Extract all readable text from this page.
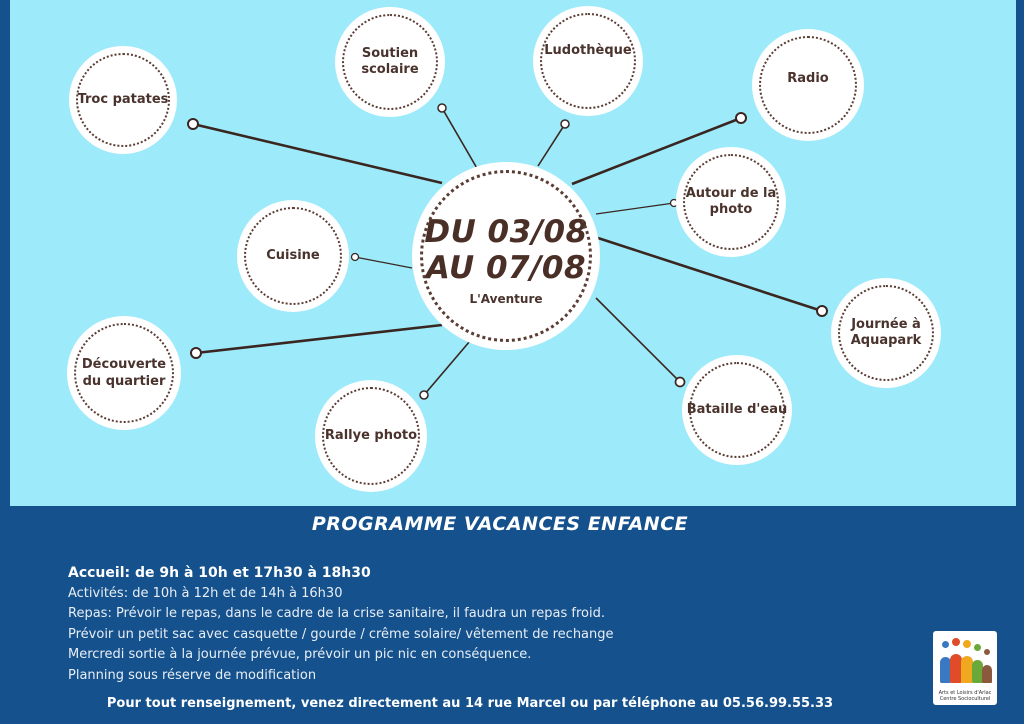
Troc patates
Soutien
scolaire
Ludothèque
Radio
Autour de la
photo
Cuisine
Journée à
Aquapark
Découverte
du quartier
Rallye photo
Bataille d'eau
DU 03/08
AU 07/08
L'Aventure
PROGRAMME VACANCES ENFANCE
Accueil: de 9h à 10h et 17h30 à 18h30
Activités: de 10h à 12h et de 14h à 16h30
Repas: Prévoir le repas, dans le cadre de la crise sanitaire, il faudra un repas froid.
Prévoir un petit sac avec casquette / gourde / crême solaire/ vêtement de rechange
Mercredi sortie à la journée prévue, prévoir un pic nic en conséquence.
Planning sous réserve de modification
Pour tout renseignement, venez directement au 14 rue Marcel ou par téléphone au 05.56.99.55.33
Arts et Loisirs d'Arlac
Centre Socioculturel
